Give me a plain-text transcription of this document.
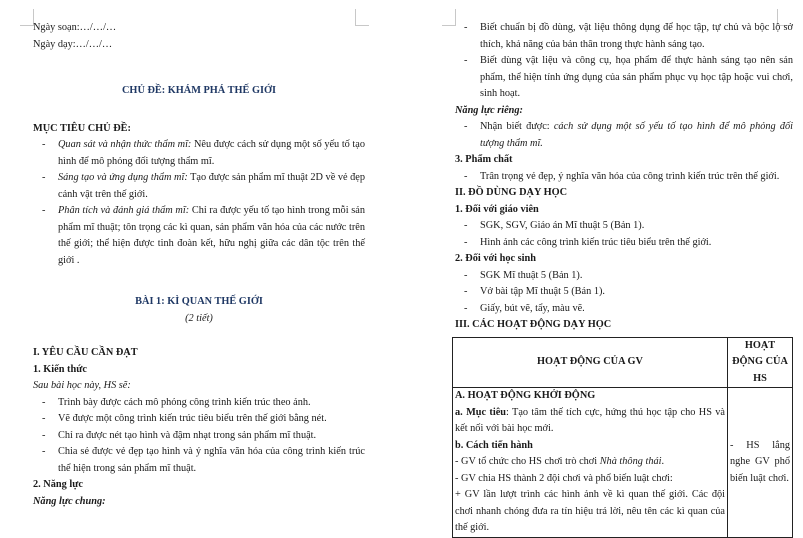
Ngày soạn:…/…/…

Ngày dạy:…/…/…

CHỦ ĐỀ: KHÁM PHÁ THẾ GIỚI

MỤC TIÊU CHỦ ĐỀ:

- Quan sát và nhận thức thẩm mĩ: Nêu được cách sử dụng một số yếu tố tạo hình để mô phỏng đối tượng thẩm mĩ.
- Sáng tạo và ứng dụng thẩm mĩ: Tạo được sản phẩm mĩ thuật 2D về vẻ đẹp cảnh vật trên thế giới.
- Phân tích và đánh giá thẩm mĩ: Chỉ ra được yếu tố tạo hình trong mỗi sản phẩm mĩ thuật; tôn trọng các kì quan, sản phẩm văn hóa của các nước trên thế giới; thể hiện được tinh đoàn kết, hữu nghị giữa các dân tộc trên thế giới .

BÀI 1: KÌ QUAN THẾ GIỚI

(2 tiết)

I. YÊU CẦU CẦN ĐẠT

1. Kiến thức

Sau bài học này, HS sẽ:

- Trình bày được cách mô phỏng công trình kiến trúc theo ảnh.
- Vẽ được một công trình kiến trúc tiêu biểu trên thế giới bằng nét.
- Chỉ ra được nét tạo hình và đậm nhạt trong sản phẩm mĩ thuật.
- Chia sẻ được vẻ đẹp tạo hình và ý nghĩa văn hóa của công trình kiến trúc thể hiện trong sản phẩm mĩ thuật.

2. Năng lực

Năng lực chung:

- Biết chuẩn bị đồ dùng, vật liệu thông dụng để học tập, tự chủ và bộc lộ sở thích, khả năng của bản thân trong thực hành sáng tạo.
- Biết dùng vật liệu và công cụ, họa phẩm để thực hành sáng tạo nên sản phẩm, thể hiện tính ứng dụng của sản phẩm phục vụ học tập hoặc vui chơi, sinh hoạt.

Năng lực riêng:

- Nhận biết được: cách sử dụng một số yếu tố tạo hình để mô phỏng đối tượng thẩm mĩ.

3. Phẩm chất

- Trân trọng vẻ đẹp, ý nghĩa văn hóa của công trình kiến trúc trên thế giới.

II. ĐỒ DÙNG DẠY HỌC

1. Đối với giáo viên

- SGK, SGV, Giáo án Mĩ thuật 5 (Bản 1).
- Hình ảnh các công trình kiến trúc tiêu biểu trên thế giới.

2. Đối với học sinh

- SGK Mĩ thuật 5 (Bản 1).
- Vở bài tập Mĩ thuật 5 (Bản 1).
- Giấy, bút vẽ, tẩy, màu vẽ.

III. CÁC HOẠT ĐỘNG DẠY HỌC

HOẠT ĐỘNG CỦA GV	HOẠT ĐỘNG CỦA HS

A. HOẠT ĐỘNG KHỞI ĐỘNG
a. Mục tiêu: Tạo tâm thế tích cực, hứng thú học tập cho HS và kết nối với bài học mới.
b. Cách tiến hành
- GV tổ chức cho HS chơi trò chơi Nhà thông thái.
- GV chia HS thành 2 đội chơi và phổ biến luật chơi:
+ GV lần lượt trình các hình ảnh về kì quan thế giới. Các đội chơi nhanh chóng đưa ra tín hiệu trả lời, nêu tên các kì quan của thế giới.
	- HS lắng nghe GV phổ biến luật chơi.
